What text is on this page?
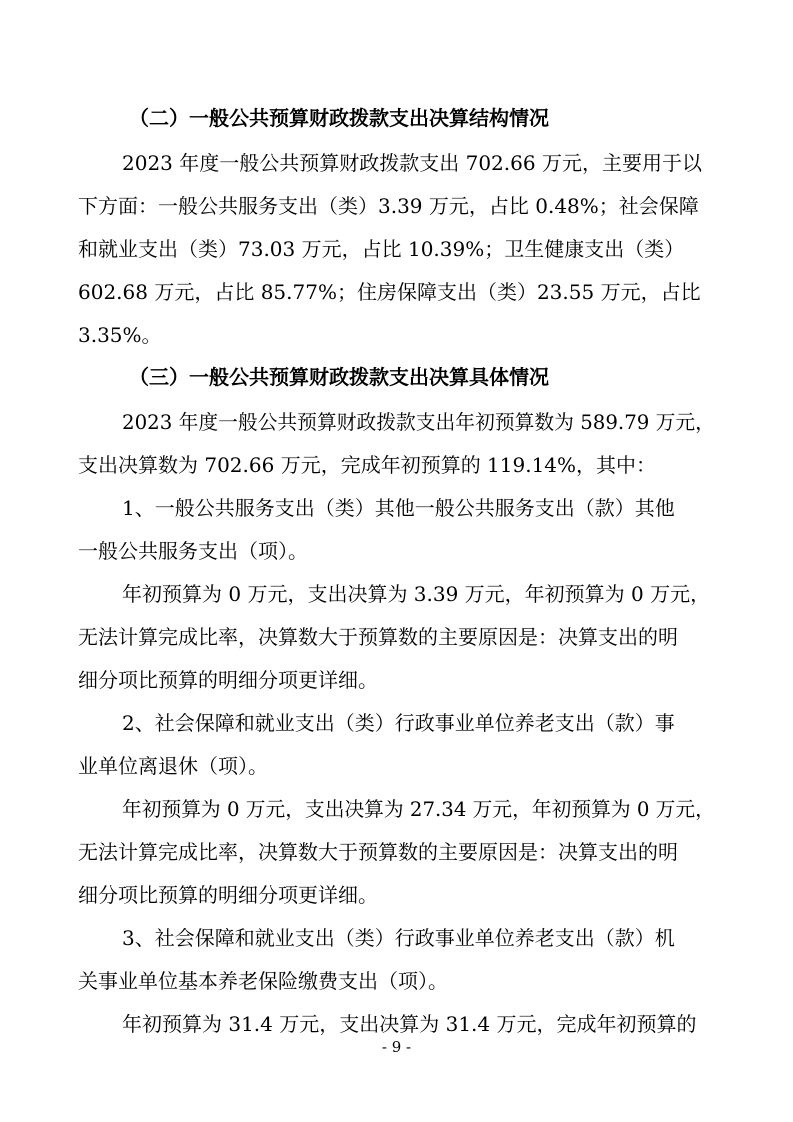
（二）一般公共预算财政拨款支出决算结构情况
2023 年度一般公共预算财政拨款支出 702.66 万元，主要用于以
下方面：一般公共服务支出（类）3.39 万元，占比 0.48%；社会保障
和就业支出（类）73.03 万元，占比 10.39%；卫生健康支出（类）
602.68 万元，占比 85.77%；住房保障支出（类）23.55 万元，占比
3.35%。
（三）一般公共预算财政拨款支出决算具体情况
2023 年度一般公共预算财政拨款支出年初预算数为 589.79 万元，
支出决算数为 702.66 万元，完成年初预算的 119.14%，其中：
1、一般公共服务支出（类）其他一般公共服务支出（款）其他
一般公共服务支出（项）。
年初预算为 0 万元，支出决算为 3.39 万元，年初预算为 0 万元，
无法计算完成比率，决算数大于预算数的主要原因是：决算支出的明
细分项比预算的明细分项更详细。
2、社会保障和就业支出（类）行政事业单位养老支出（款）事
业单位离退休（项）。
年初预算为 0 万元，支出决算为 27.34 万元，年初预算为 0 万元，
无法计算完成比率，决算数大于预算数的主要原因是：决算支出的明
细分项比预算的明细分项更详细。
3、社会保障和就业支出（类）行政事业单位养老支出（款）机
关事业单位基本养老保险缴费支出（项）。
年初预算为 31.4 万元，支出决算为 31.4 万元，完成年初预算的
- 9 -
